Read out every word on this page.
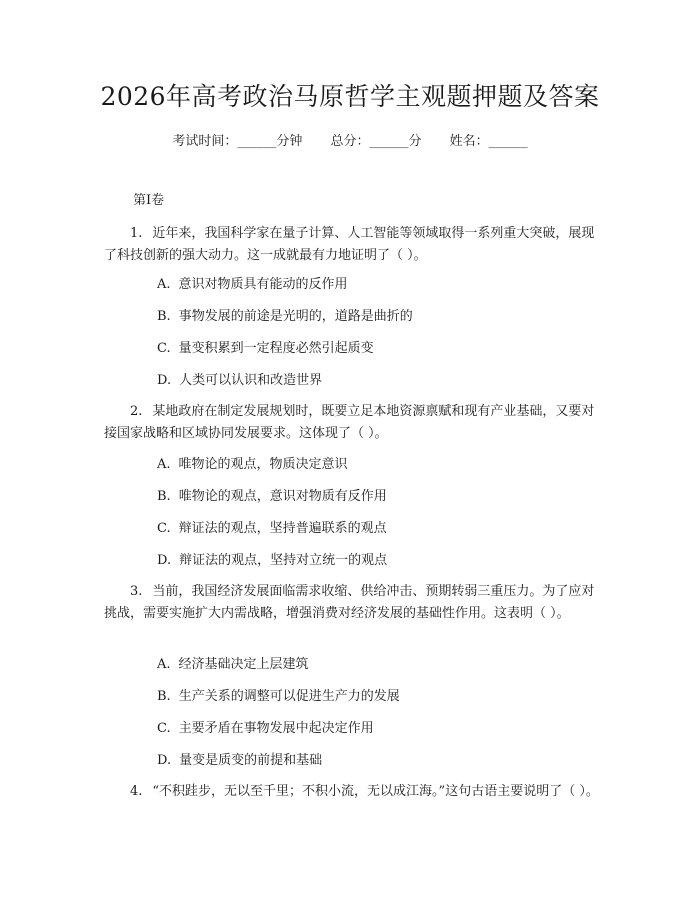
2026年高考政治马原哲学主观题押题及答案
考试时间：______分钟 总分：______分 姓名：______
第Ⅰ卷
1. 近年来，我国科学家在量子计算、人工智能等领域取得一系列重大突破，展现了科技创新的强大动力。这一成就最有力地证明了（ ）。
A. 意识对物质具有能动的反作用
B. 事物发展的前途是光明的，道路是曲折的
C. 量变积累到一定程度必然引起质变
D. 人类可以认识和改造世界
2. 某地政府在制定发展规划时，既要立足本地资源禀赋和现有产业基础，又要对接国家战略和区域协同发展要求。这体现了（ ）。
A. 唯物论的观点，物质决定意识
B. 唯物论的观点，意识对物质有反作用
C. 辩证法的观点，坚持普遍联系的观点
D. 辩证法的观点，坚持对立统一的观点
3. 当前，我国经济发展面临需求收缩、供给冲击、预期转弱三重压力。为了应对挑战，需要实施扩大内需战略，增强消费对经济发展的基础性作用。这表明（ ）。
A. 经济基础决定上层建筑
B. 生产关系的调整可以促进生产力的发展
C. 主要矛盾在事物发展中起决定作用
D. 量变是质变的前提和基础
4. “不积跬步，无以至千里；不积小流，无以成江海。”这句古语主要说明了（ ）。
